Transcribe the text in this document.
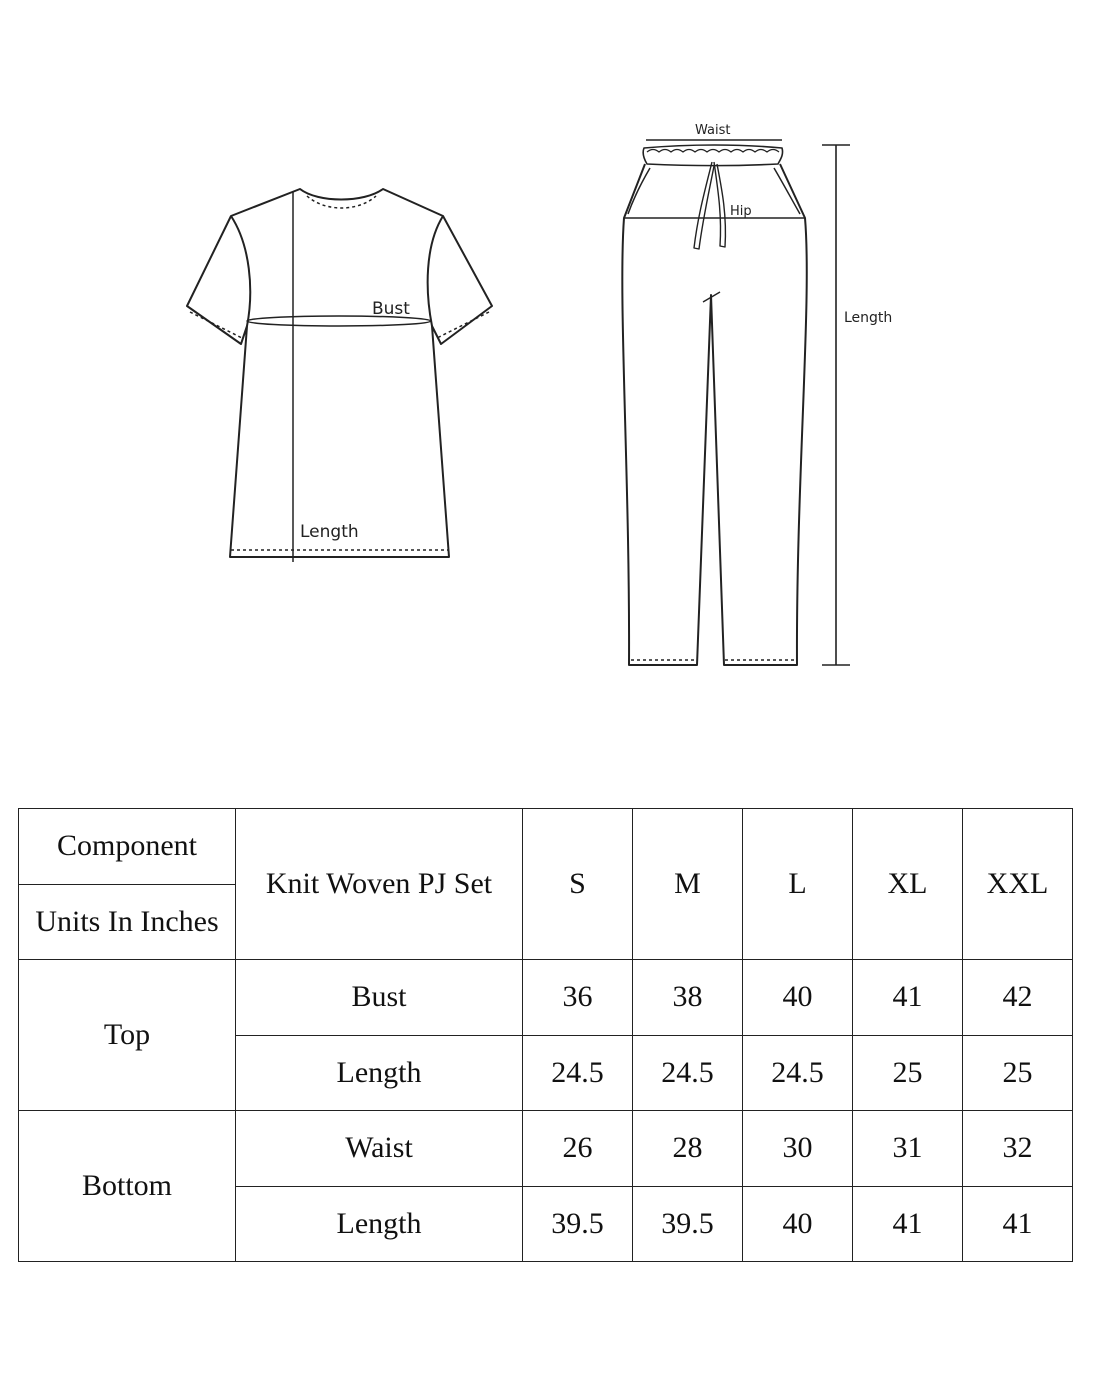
Bust
Length
Waist
Hip
Length
Component	Knit Woven PJ Set	S	M	L	XL	XXL
Units In Inches						
Top	Bust	36	38	40	41	42
	Length	24.5	24.5	24.5	25	25
Bottom	Waist	26	28	30	31	32
	Length	39.5	39.5	40	41	41
